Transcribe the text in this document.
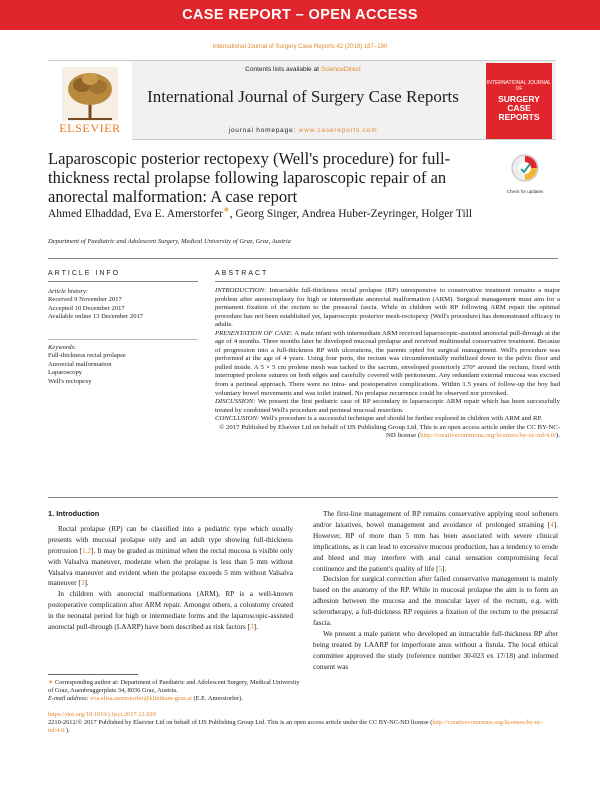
CASE REPORT – OPEN ACCESS
International Journal of Surgery Case Reports 42 (2018) 187–190
ELSEVIER
Contents lists available at ScienceDirect
International Journal of Surgery Case Reports
journal homepage: www.casereports.com
INTERNATIONAL JOURNAL OF
SURGERY
CASE
REPORTS
Laparoscopic posterior rectopexy (Well's procedure) for full-thickness rectal prolapse following laparoscopic repair of an anorectal malformation: A case report	Check for updates
Ahmed Elhaddad, Eva E. Amerstorfer∗, Georg Singer, Andrea Huber-Zeyringer, Holger Till
Department of Paediatric and Adolescent Surgery, Medical University of Graz, Graz, Austria
ARTICLE INFO	ABSTRACT
Article history:
Received 9 November 2017
Accepted 10 December 2017
Available online 13 December 2017
Keywords:
Full-thickness rectal prolapse
Anorectal malformation
Laparoscopy
Well's rectopexy

INTRODUCTION: Intractable full-thickness rectal prolapse (RP) unresponsive to conservative treatment remains a major problem after anorectoplasty for high or intermediate anorectal malformation (ARM). Surgical management must aim for a permanent fixation of the rectum to the presacral fascia. While in children with RP following ARM repair the optimal procedure has not been established yet, laparoscopic posterior mesh-rectopexy (Well's procedure) has demonstrated efficacy in adults.

PRESENTATION OF CASE: A male infant with intermediate ARM received laparoscopic-assisted anorectal pull-through at the age of 4 months. Three months later he developed mucosal prolapse and received multimodal conservative treatment. Because of progression into a full-thickness RP with ulcerations, the parents opted for surgical management. Well's procedure was performed at the age of 4 years. Using four ports, the rectum was circumferentially mobilized down to the pelvic floor and pulled inside. A 5 × 5 cm prolene mesh was tacked to the sacrum, enveloped posteriorly 270° around the rectum, fixed with interrupted prolene sutures on both edges and carefully covered with peritoneum. Any redundant external mucosa was excised from a perineal approach. There were no intra- and postoperative complications. Within 1.5 years of follow-up the boy had voluntary bowel movements and was toilet trained. No prolapse recurrence could be observed nor provoked.

DISCUSSION: We present the first pediatric case of RP secondary to laparoscopic ARM repair which has been successfully treated by combined Well's procedure and perineal mucosal resection.

CONCLUSION: Well's procedure is a successful technique and should be further explored in children with ARM and RP.

© 2017 Published by Elsevier Ltd on behalf of IJS Publishing Group Ltd. This is an open access article under the CC BY-NC-ND license (http://creativecommons.org/licenses/by-nc-nd/4.0/).

1. Introduction

Rectal prolapse (RP) can be classified into a pediatric type which usually presents with mucosal prolapse only and an adult type showing full-thickness protrusion [1,2]. It may be graded as minimal when the rectal mucosa is visible only with Valsalva maneuver, moderate when the prolapse is less than 5 mm without Valsalva maneuver and evident when the prolapse exceeds 5 mm without Valsalva maneuver [3].

In children with anorectal malformations (ARM), RP is a well-known postoperative complication after ARM repair. Amongst others, a colostomy created in the neonatal period for high or intermediate forms and the laparoscopic-assisted anorectal pull-through (LAARP) have been described as risk factors [3].

The first-line management of RP remains conservative applying stool softeners and/or laxatives, bowel management and avoidance of prolonged straining [4]. However, RP of more than 5 mm has been associated with severe clinical implications, as it can lead to excessive mucous production, has a tendency to erode and bleed and may interfere with anal canal sensation compromising fecal continence and the patient's quality of life [5].

Decision for surgical correction after failed conservative management is mainly based on the anatomy of the RP. While in mucosal prolapse the aim is to form an adhesion between the mucosa and the muscular layer of the rectum, e.g. with sclerotherapy, a full-thickness RP requires a fixation of the rectum to the presacral fascia.

We present a male patient who developed an intractable full-thickness RP after being treated by LAARP for imperforate anus without a fistula. The local ethical committee approved the study (reference number 30-023 ex 17/18) and informed consent was

∗ Corresponding author at: Department of Paediatric and Adolescent Surgery, Medical University of Graz, Auenbruggerplatz 34, 8036 Graz, Austria.
E-mail address: eva.elisa.amerstorfer@klinikum-graz.at (E.E. Amerstorfer).
https://doi.org/10.1016/j.ijscr.2017.12.020
2210-2612/© 2017 Published by Elsevier Ltd on behalf of IJS Publishing Group Ltd. This is an open access article under the CC BY-NC-ND license (http://creativecommons.org/licenses/by-nc-nd/4.0/).
